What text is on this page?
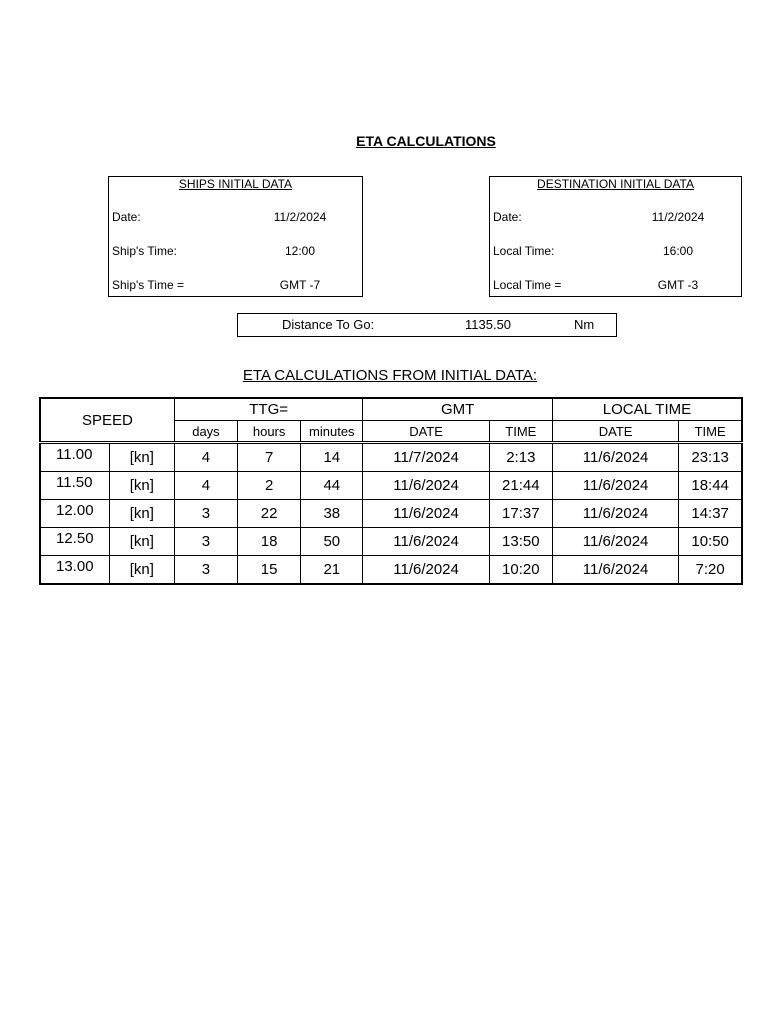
ETA CALCULATIONS
SHIPS INITIAL DATA
Date:	11/2/2024
Ship's Time:	12:00
Ship's Time =	GMT -7
DESTINATION INITIAL DATA
Date:	11/2/2024
Local Time:	16:00
Local Time =	GMT -3
Distance To Go:	1135.50	Nm
ETA CALCULATIONS FROM INITIAL DATA:
SPEED		TTG=			GMT		LOCAL TIME	
		days	hours	minutes	DATE	TIME	DATE	TIME
11.00	[kn]	4	7	14	11/7/2024	2:13	11/6/2024	23:13
11.50	[kn]	4	2	44	11/6/2024	21:44	11/6/2024	18:44
12.00	[kn]	3	22	38	11/6/2024	17:37	11/6/2024	14:37
12.50	[kn]	3	18	50	11/6/2024	13:50	11/6/2024	10:50
13.00	[kn]	3	15	21	11/6/2024	10:20	11/6/2024	7:20
